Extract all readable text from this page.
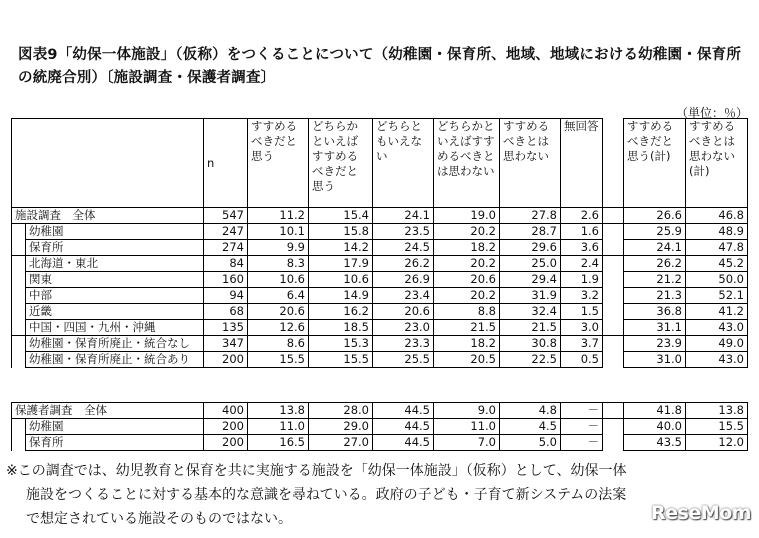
図表9「幼保一体施設」（仮称）をつくることについて（幼稚園・保育所、地域、地域における幼稚園・保育所の統廃合別）〔施設調査・保護者調査〕
（単位：％）
		n	すすめるべきだと思う	どちらかといえばすすめるべきだと思う	どちらともいえない	どちらかといえばすすめるべきとは思わない	すすめるべきとは思わない	無回答		すすめるべきだと思う(計)	すすめるべきとは思わない(計)
施設調査　全体		547	11.2	15.4	24.1	19.0	27.8	2.6		26.6	46.8
	幼稚園	247	10.1	15.8	23.5	20.2	28.7	1.6		25.9	48.9
	保育所	274	9.9	14.2	24.5	18.2	29.6	3.6		24.1	47.8
	北海道・東北	84	8.3	17.9	26.2	20.2	25.0	2.4		26.2	45.2
	関東	160	10.6	10.6	26.9	20.6	29.4	1.9		21.2	50.0
	中部	94	6.4	14.9	23.4	20.2	31.9	3.2		21.3	52.1
	近畿	68	20.6	16.2	20.6	8.8	32.4	1.5		36.8	41.2
	中国・四国・九州・沖縄	135	12.6	18.5	23.0	21.5	21.5	3.0		31.1	43.0
	幼稚園・保育所廃止・統合なし	347	8.6	15.3	23.3	18.2	30.8	3.7		23.9	49.0
	幼稚園・保育所廃止・統合あり	200	15.5	15.5	25.5	20.5	22.5	0.5		31.0	43.0
保護者調査　全体		400	13.8	28.0	44.5	9.0	4.8	－		41.8	13.8
	幼稚園	200	11.0	29.0	44.5	11.0	4.5	－		40.0	15.5
	保育所	200	16.5	27.0	44.5	7.0	5.0	－		43.5	12.0
※この調査では、幼児教育と保育を共に実施する施設を「幼保一体施設」（仮称）として、幼保一体
施設をつくることに対する基本的な意識を尋ねている。政府の子ども・子育て新システムの法案
で想定されている施設そのものではない。	ReseMom
